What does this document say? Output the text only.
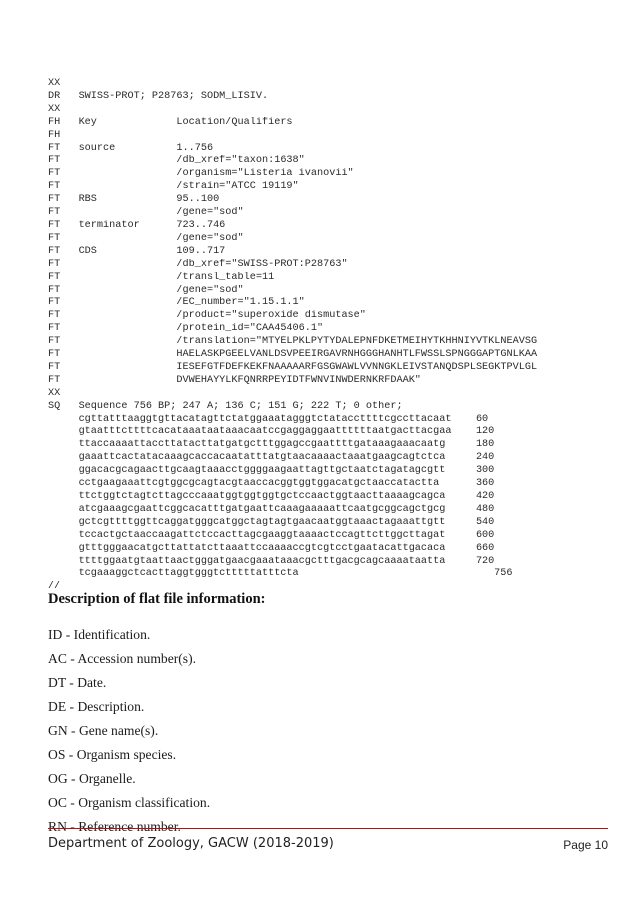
XX
DR   SWISS-PROT; P28763; SODM_LISIV.
XX
FH   Key             Location/Qualifiers
FH
FT   source          1..756
FT                   /db_xref="taxon:1638"
FT                   /organism="Listeria ivanovii"
FT                   /strain="ATCC 19119"
FT   RBS             95..100
FT                   /gene="sod"
FT   terminator      723..746
FT                   /gene="sod"
FT   CDS             109..717
FT                   /db_xref="SWISS-PROT:P28763"
FT                   /transl_table=11
FT                   /gene="sod"
FT                   /EC_number="1.15.1.1"
FT                   /product="superoxide dismutase"
FT                   /protein_id="CAA45406.1"
FT                   /translation="MTYELPKLPYTYDALEPNFDKETMEIHYTKHHNIYVTKLNEAVSG
FT                   HAELASKPGEELVANLDSVPEEIRGAVRNHGGGHANHTLFWSSLSPNGGGAPTGNLKAA
FT                   IESEFGTFDEFKEKFNAAAAARFGSGWAWLVVNNGKLEIVSTANQDSPLSEGKTPVLGL
FT                   DVWEHAYYLKFQNRRPEYIDTFWNVINWDERNKRFDAAK"
XX
SQ   Sequence 756 BP; 247 A; 136 C; 151 G; 222 T; 0 other;
cgttatttaaggtgttacatagttctatggaaatagggtctataccttttcgccttacaat 60
gtaatttcttttcacataaataataaacaatccgaggaggaattttttaatgacttacgaa 120
ttaccaaaattaccttatacttatgatgctttggagccgaattttgataaagaaacaatg	180
gaaattcactatacaaagcaccacaatatttatgtaacaaaactaaatgaagcagtctca	240
ggacacgcagaacttgcaagtaaacctggggaagaattagttgctaatctagatagcgtt	300
cctgaagaaattcgtggcgcagtacgtaaccacggtggtggacatgctaaccatactta	360
ttctggtctagtcttagcccaaatggtggtggtgctccaactggtaacttaaaagcagca	420
atcgaaagcgaattcggcacatttgatgaattcaaagaaaaattcaatgcggcagctgcg	480
gctcgttttggttcaggatgggcatggctagtagtgaacaatggtaaactagaaattgtt	540
tccactgctaaccaagattctccacttagcgaaggtaaaactccagttcttggcttagat	600
gtttgggaacatgcttattatcttaaattccaaaaccgtcgtcctgaatacattgacaca	660
ttttggaatgtaattaactgggatgaacgaaataaacgctttgacgcagcaaaataatta	720
tcgaaaggctcacttaggtgggtctttttatttcta	756
//
Description of flat file information:
ID - Identification.
AC - Accession number(s).
DT - Date.
DE - Description.
GN - Gene name(s).
OS - Organism species.
OG - Organelle.
OC - Organism classification.
RN - Reference number.
Department of Zoology, GACW (2018-2019)	Page 10
